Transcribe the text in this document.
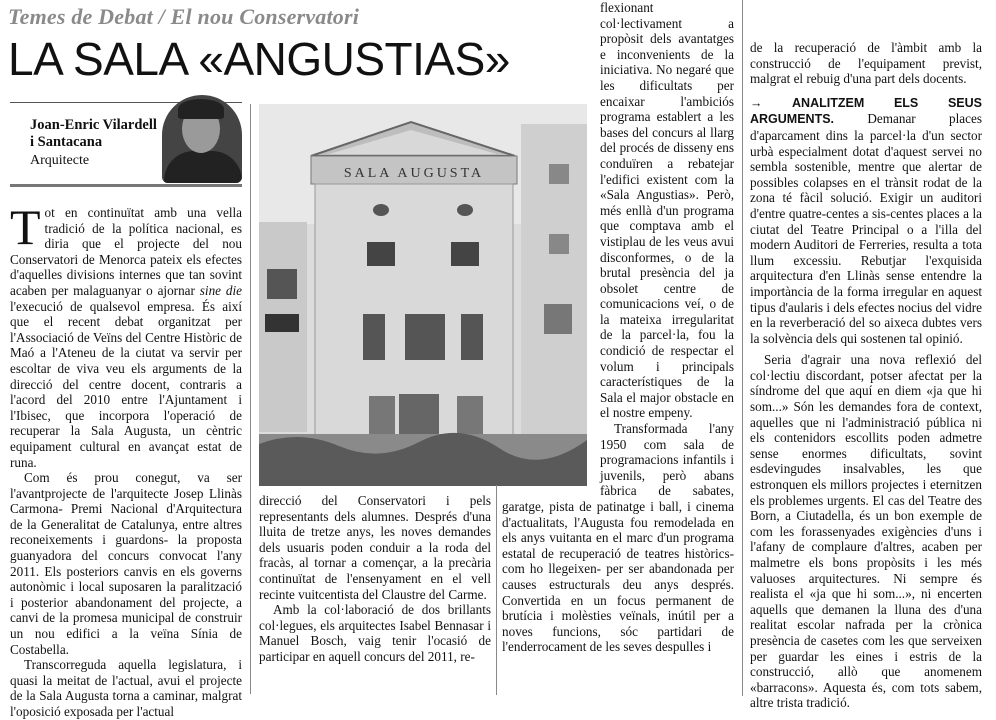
Temes de Debat / El nou Conservatori
LA SALA «ANGUSTIAS»
Joan-Enric Vilardell
i Santacana
Arquitecte

Tot en continuïtat amb una vella tradició de la política nacional, es diria que el projecte del nou Conservatori de Menorca pateix els efectes d'aquelles divisions internes que tan sovint acaben per malaguanyar o ajornar sine die l'execució de qualsevol empresa. És així que el recent debat organitzat per l'Associació de Veïns del Centre Històric de Maó a l'Ateneu de la ciutat va servir per escoltar de viva veu els arguments de la direcció del centre docent, contraris a l'acord del 2010 entre l'Ajuntament i l'Ibisec, que incorpora l'operació de recuperar la Sala Augusta, un cèntric equipament cultural en avançat estat de runa.

Com és prou conegut, va ser l'avantprojecte de l'arquitecte Josep Llinàs Carmona- Premi Nacional d'Arquitectura de la Generalitat de Catalunya, entre altres reconeixements i guardons- la proposta guanyadora del concurs convocat l'any 2011. Els posteriors canvis en els governs autonòmic i local suposaren la paralització i posterior abandonament del projecte, a canvi de la promesa municipal de construir un nou edifici a la veïna Sínia de Costabella.

Transcorreguda aquella legislatura, i quasi la meitat de l'actual, avui el projecte de la Sala Augusta torna a caminar, malgrat l'oposició exposada per l'actual

SALA AUGUSTA

direcció del Conservatori i pels representants dels alumnes. Després d'una lluita de tretze anys, les noves demandes dels usuaris poden conduir a la roda del fracàs, al tornar a començar, a la precària continuïtat de l'ensenyament en el vell recinte vuitcentista del Claustre del Carme.

Amb la col·laboració de dos brillants col·legues, els arquitectes Isabel Bennasar i Manuel Bosch, vaig tenir l'ocasió de participar en aquell concurs del 2011, re-

flexionant col·lectivament a propòsit dels avantatges e inconvenients de la iniciativa. No negaré que les dificultats per encaixar l'ambiciós programa establert a les bases del concurs al llarg del procés de disseny ens conduïren a rebatejar l'edifici existent com la «Sala Angustias». Però, més enllà d'un programa que comptava amb el vistiplau de les veus avui disconformes, o de la brutal presència del ja obsolet centre de comunicacions veí, o de la mateixa irregularitat de la parcel·la, fou la condició de respectar el volum i principals característiques de la Sala el major obstacle en el nostre empeny.

Transformada l'any 1950 com sala de programacions infantils i juvenils, però abans fàbrica de sabates, garatge, pista de patinatge i ball, i cinema d'actualitats, l'Augusta fou remodelada en els anys vuitanta en el marc d'un programa estatal de recuperació de teatres històrics- com ho llegeixen- per ser abandonada per causes estructurals deu anys després. Convertida en un focus permanent de brutícia i molèsties veïnals, inútil per a noves funcions, sóc partidari de l'enderrocament de les seves despulles i

de la recuperació de l'àmbit amb la construcció de l'equipament previst, malgrat el rebuig d'una part dels docents.

→ ANALITZEM ELS SEUS ARGUMENTS. Demanar places d'aparcament dins la parcel·la d'un sector urbà especialment dotat d'aquest servei no sembla sostenible, mentre que alertar de possibles colapses en el trànsit rodat de la zona té fàcil solució. Exigir un auditori d'entre quatre-centes a sis-centes places a la ciutat del Teatre Principal o a l'illa del modern Auditori de Ferreries, resulta a tota llum excessiu. Rebutjar l'exquisida arquitectura d'en Llinàs sense entendre la importància de la forma irregular en aquest tipus d'aularis i dels efectes nocius del vidre en la reverberació del so aixeca dubtes vers la solvència dels qui sostenen tal opinió.

Seria d'agrair una nova reflexió del col·lectiu discordant, potser afectat per la síndrome del que aquí en diem «ja que hi som...» Són les demandes fora de context, aquelles que ni l'administració pública ni els contenidors escollits poden admetre sense enormes dificultats, sovint esdevingudes insalvables, les que estronquen els millors projectes i eternitzen els problemes urgents. El cas del Teatre des Born, a Ciutadella, és un bon exemple de com les forassenyades exigències d'uns i l'afany de complaure d'altres, acaben per malmetre els bons propòsits i les més valuoses arquitectures. Ni sempre és realista el «ja que hi som...», ni encerten aquells que demanen la lluna des d'una realitat escolar nafrada per la crònica presència de casetes com les que serveixen per guardar les eines i estris de la construcció, allò que anomenem «barracons». Aquesta és, com tots sabem, altre trista tradició.
